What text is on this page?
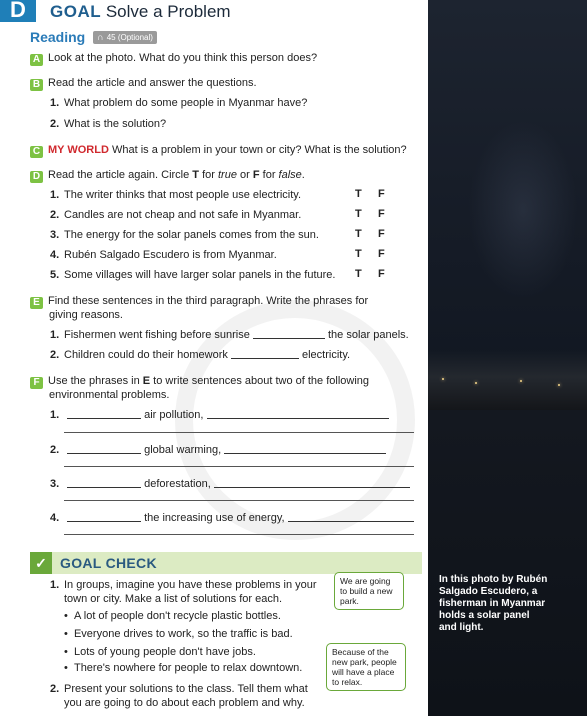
In this photo by Rubén
Salgado Escudero, a
fisherman in Myanmar
holds a solar panel
and light.
D	GOAL Solve a Problem
Reading ∩ 45 (Optional)
A Look at the photo. What do you think this person does?
B Read the article and answer the questions.
1. What problem do some people in Myanmar have?
2. What is the solution?
C MY WORLD What is a problem in your town or city? What is the solution?
D Read the article again. Circle T for true or F for false.
1. The writer thinks that most people use electricity.	T F
2. Candles are not cheap and not safe in Myanmar.	T F
3. The energy for the solar panels comes from the sun.	T F
4. Rubén Salgado Escudero is from Myanmar.	T F
5. Some villages will have larger solar panels in the future. T F
E Find these sentences in the third paragraph. Write the phrases for
giving reasons.
1. Fishermen went fishing before sunrise	the solar panels.
2. Children could do their homework	electricity.
F Use the phrases in E to write sentences about two of the following
environmental problems.
1.	air pollution,
2.	global warming,
3.	deforestation,
4.	the increasing use of energy,
✓ GOAL CHECK
1. In groups, imagine you have these problems in your
town or city. Make a list of solutions for each.
•  A lot of people don't recycle plastic bottles.
•  Everyone drives to work, so the traffic is bad.
•  Lots of young people don't have jobs.
•  There's nowhere for people to relax downtown.
2. Present your solutions to the class. Tell them what
you are going to do about each problem and why.
We are going
to build a new
park.
Because of the
new park, people
will have a place
to relax.
